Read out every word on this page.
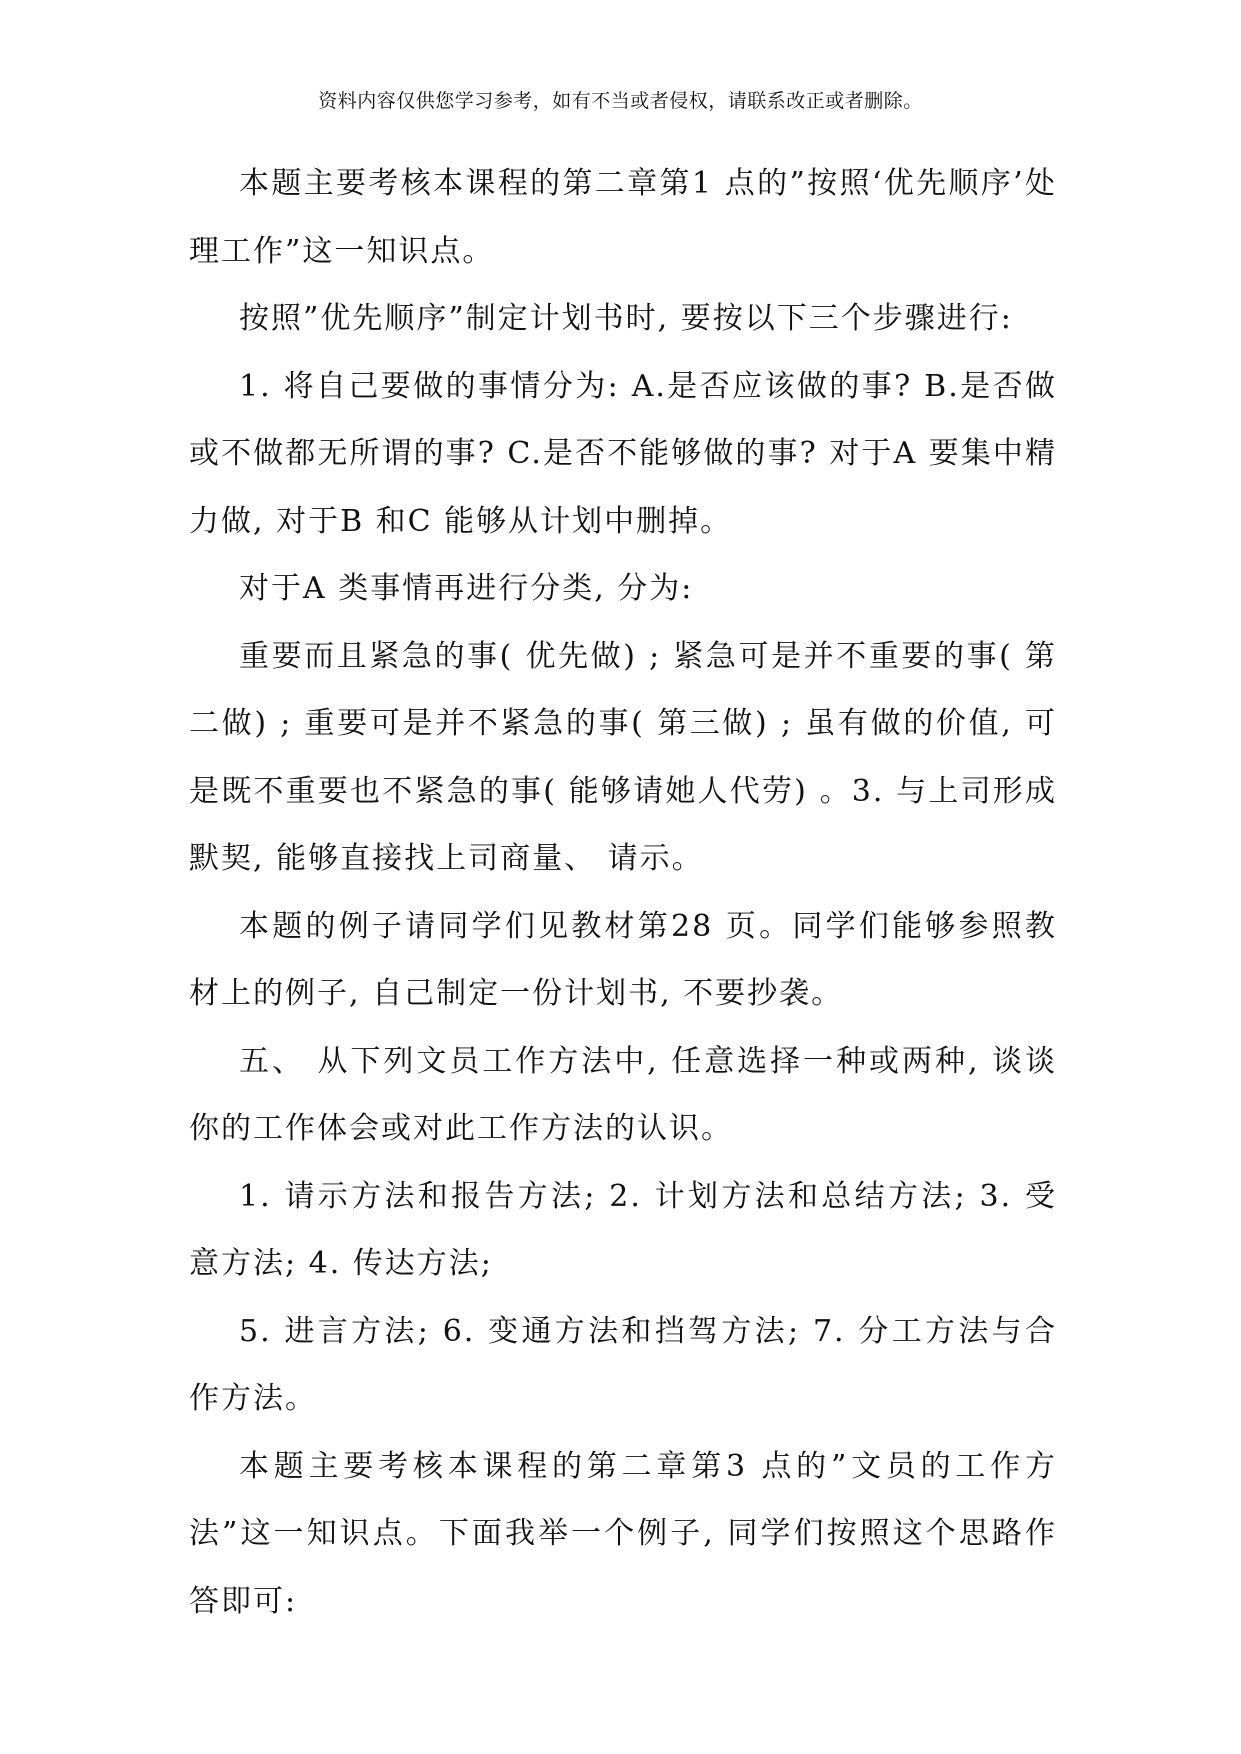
资料内容仅供您学习参考，如有不当或者侵权，请联系改正或者删除。

本题主要考核本课程的第二章第1 点的”按照‘优先顺序’处理工作”这一知识点。

按照”优先顺序”制定计划书时, 要按以下三个步骤进行:

1. 将自己要做的事情分为: A.是否应该做的事? B.是否做或不做都无所谓的事? C.是否不能够做的事? 对于A 要集中精力做, 对于B 和C 能够从计划中删掉。

对于A 类事情再进行分类, 分为:

重要而且紧急的事( 优先做) ; 紧急可是并不重要的事( 第二做) ; 重要可是并不紧急的事( 第三做) ; 虽有做的价值, 可是既不重要也不紧急的事( 能够请她人代劳) 。3. 与上司形成默契, 能够直接找上司商量、 请示。

本题的例子请同学们见教材第28 页。同学们能够参照教材上的例子, 自己制定一份计划书, 不要抄袭。

五、 从下列文员工作方法中, 任意选择一种或两种, 谈谈你的工作体会或对此工作方法的认识。

1. 请示方法和报告方法; 2. 计划方法和总结方法; 3. 受意方法; 4. 传达方法;

5. 进言方法; 6. 变通方法和挡驾方法; 7. 分工方法与合作方法。

本题主要考核本课程的第二章第3 点的”文员的工作方法”这一知识点。下面我举一个例子, 同学们按照这个思路作答即可:
